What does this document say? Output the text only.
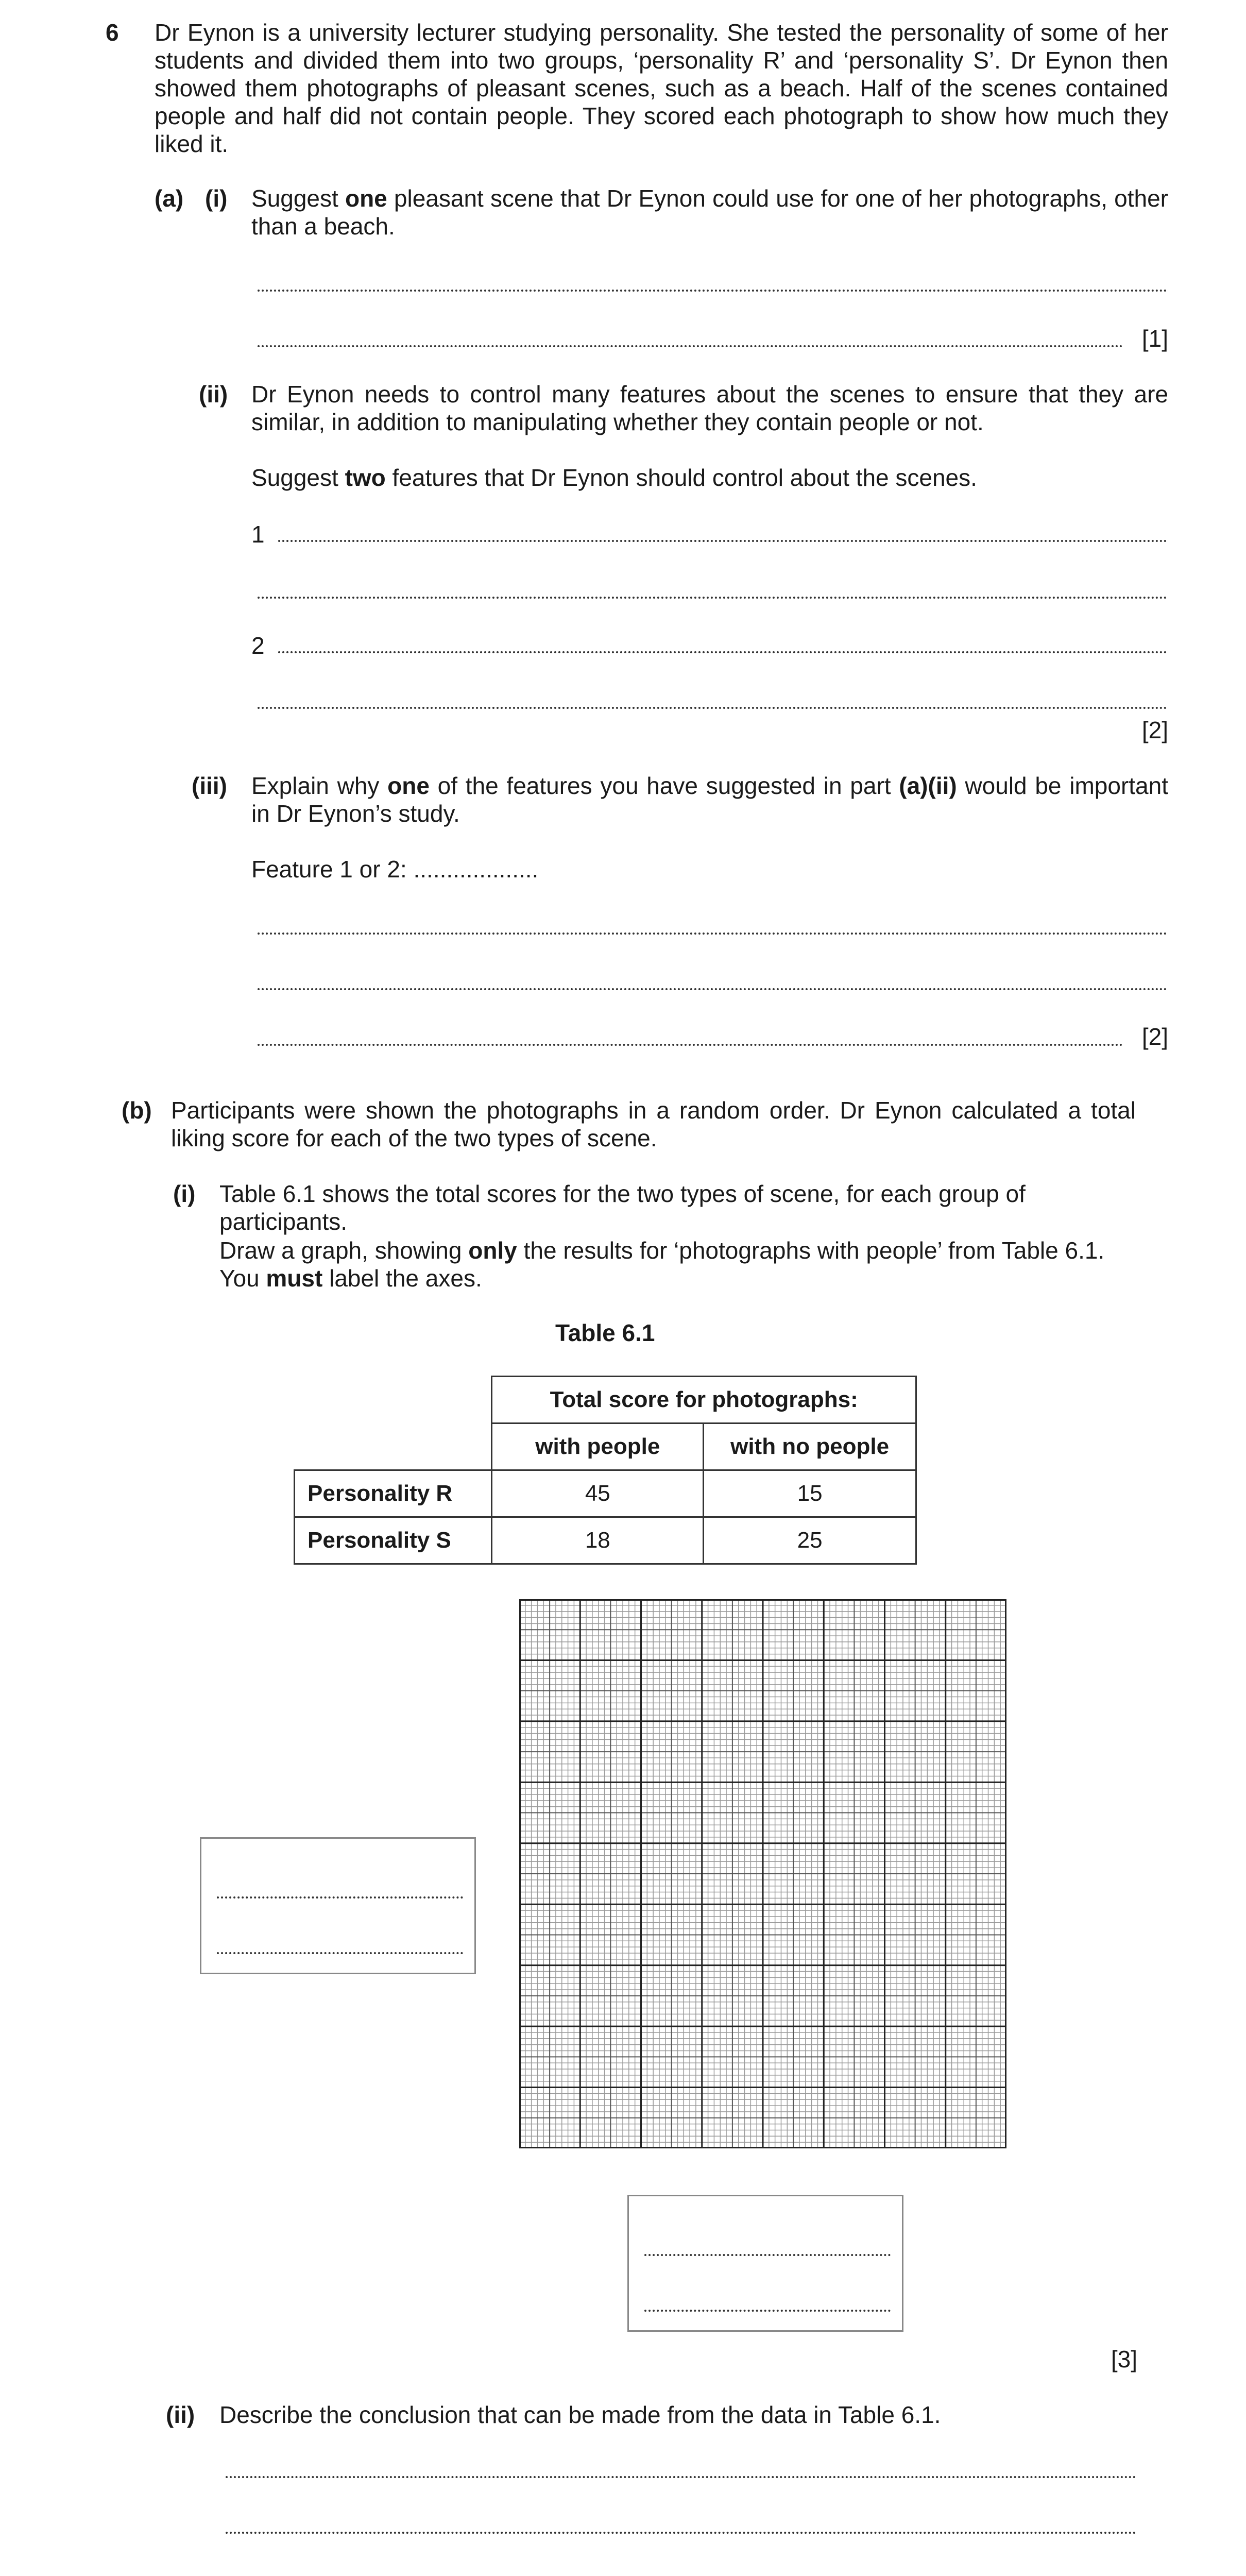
6 Dr Eynon is a university lecturer studying personality. She tested the personality of some of her students and divided them into two groups, ‘personality R’ and ‘personality S’. Dr Eynon then showed them photographs of pleasant scenes, such as a beach. Half of the scenes contained people and half did not contain people. They scored each photograph to show how much they liked it.

(a) (i) Suggest one pleasant scene that Dr Eynon could use for one of her photographs, other than a beach.

[1]
(ii) Dr Eynon needs to control many features about the scenes to ensure that they are similar, in addition to manipulating whether they contain people or not.

Suggest two features that Dr Eynon should control about the scenes.

1
2
[2]
(iii) Explain why one of the features you have suggested in part (a)(ii) would be important in Dr Eynon’s study.

Feature 1 or 2: ...................
[2]
(b) Participants were shown the photographs in a random order. Dr Eynon calculated a total liking score for each of the two types of scene.

(i) Table 6.1 shows the total scores for the two types of scene, for each group of participants.

Draw a graph, showing only the results for ‘photographs with people’ from Table 6.1.

You must label the axes.

Table 6.1
	Total score for photographs:	
	with people	with no people
Personality R	45	15
Personality S	18	25
[3]
(ii) Describe the conclusion that can be made from the data in Table 6.1.
